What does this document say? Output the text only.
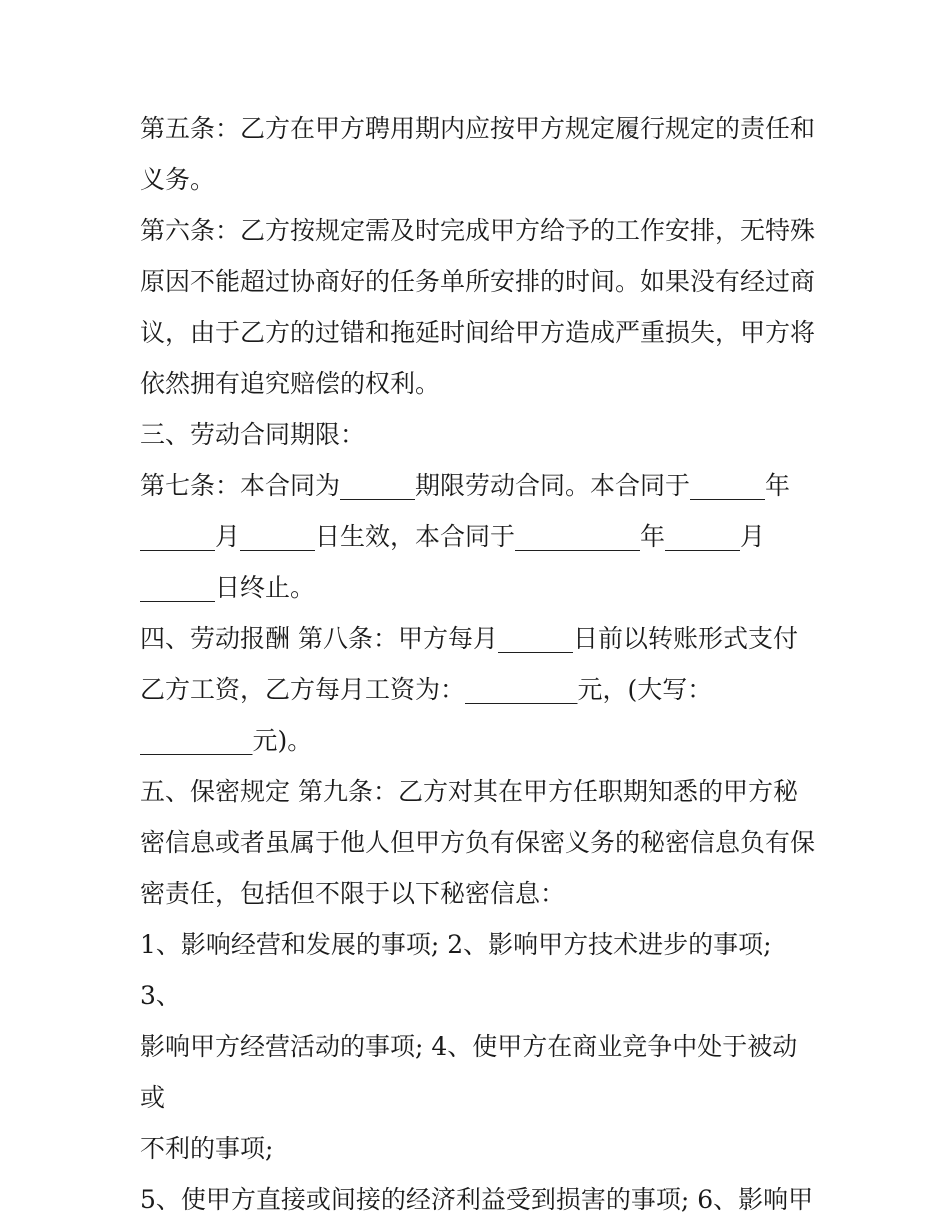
第五条：乙方在甲方聘用期内应按甲方规定履行规定的责任和

义务。

第六条：乙方按规定需及时完成甲方给予的工作安排，无特殊

原因不能超过协商好的任务单所安排的时间。如果没有经过商

议，由于乙方的过错和拖延时间给甲方造成严重损失，甲方将

依然拥有追究赔偿的权利。

三、劳动合同期限：

第七条：本合同为______期限劳动合同。本合同于______年

______月______日生效，本合同于__________年______月

______日终止。

四、劳动报酬 第八条：甲方每月______日前以转账形式支付

乙方工资，乙方每月工资为：_________元，(大写：

_________元)。

五、保密规定 第九条：乙方对其在甲方任职期知悉的甲方秘

密信息或者虽属于他人但甲方负有保密义务的秘密信息负有保

密责任，包括但不限于以下秘密信息：

1、影响经营和发展的事项; 2、影响甲方技术进步的事项; 3、

影响甲方经营活动的事项; 4、使甲方在商业竞争中处于被动或

不利的事项;

5、使甲方直接或间接的经济利益受到损害的事项; 6、影响甲
